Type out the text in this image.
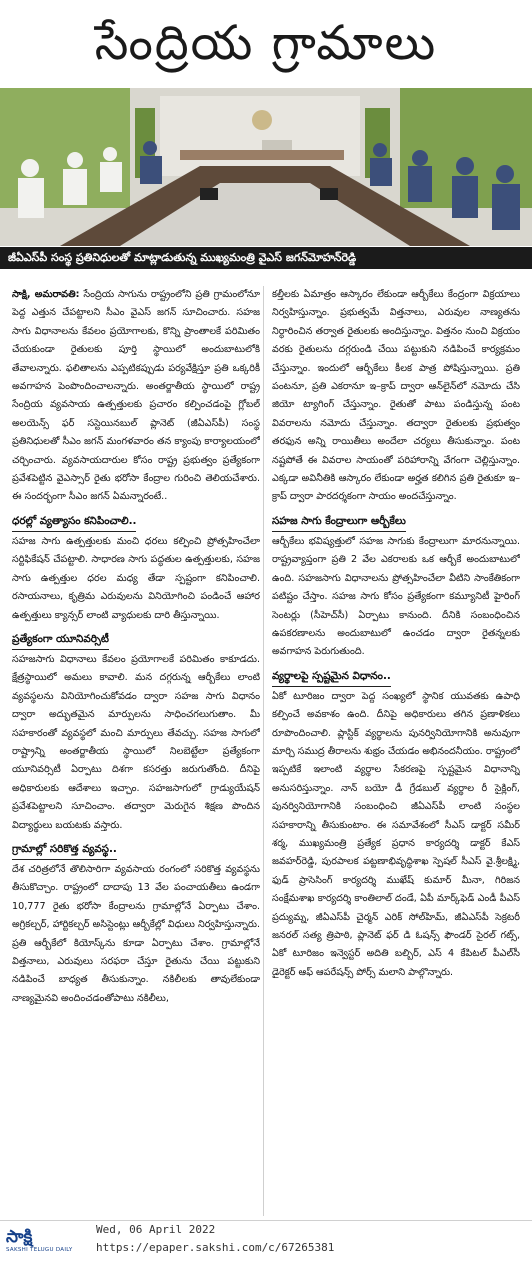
సేంద్రియ గ్రామాలు
జీఏఎస్‌పీ సంస్థ ప్రతినిధులతో మాట్లాడుతున్న ముఖ్యమంత్రి వైఎస్‌ జగన్‌మోహన్‌రెడ్డి

సాక్షి, అమరావతి: సేంద్రియ సాగును రాష్ట్రంలోని ప్రతి గ్రామంలోనూ పెద్ద ఎత్తున చేపట్టాలని సీఎం వైఎస్‌ జగన్‌ సూచించారు. సహజ సాగు విధానాలను కేవలం ప్రయోగాలకు, కొన్ని ప్రాంతాలకే పరిమితం చేయకుండా రైతులకు పూర్తి స్థాయిలో అందుబాటులోకి తేవాలన్నారు. ఫలితాలను ఎప్పటికప్పుడు పర్యవేక్షిస్తూ ప్రతి ఒక్కరికీ అవగాహన పెంపొందించాలన్నారు. అంతర్జాతీయ స్థాయిలో రాష్ట్ర సేంద్రియ వ్యవసాయ ఉత్పత్తులకు ప్రచారం కల్పించడంపై గ్లోబల్‌ అలయెన్స్‌ ఫర్‌ సస్టెయినబుల్‌ ప్లానెట్‌ (జీఏఎస్‌పీ) సంస్థ ప్రతినిధులతో సీఎం జగన్‌ మంగళవారం తన క్యాంపు కార్యాలయంలో చర్చించారు. వ్యవసాయదారుల కోసం రాష్ట్ర ప్రభుత్వం ప్రత్యేకంగా ప్రవేశపెట్టిన వైఎస్సార్‌ రైతు భరోసా కేంద్రాల గురించి తెలియచేశారు. ఈ సందర్భంగా సీఎం జగన్‌ ఏమన్నారంటే..

ధరల్లో వ్యత్యాసం కనిపించాలి..

సహజ సాగు ఉత్పత్తులకు మంచి ధరలు కల్పించి ప్రోత్సహించేలా సర్టిఫికేషన్‌ చేపట్టాలి. సాధారణ సాగు పద్ధతుల ఉత్పత్తులకు, సహజ సాగు ఉత్పత్తుల ధరల మధ్య తేడా స్పష్టంగా కనిపించాలి. రసాయనాలు, కృత్రిమ ఎరువులను వినియోగించి పండించే ఆహార ఉత్పత్తులు క్యాన్సర్‌ లాంటి వ్యాధులకు దారి తీస్తున్నాయి.

ప్రత్యేకంగా యూనివర్సిటీ

సహజసాగు విధానాలు కేవలం ప్రయోగాలకే పరిమితం కాకూడదు. క్షేత్రస్థాయిలో అమలు కావాలి. మన దగ్గరున్న ఆర్బీకేలు లాంటి వ్యవస్థలను వినియోగించుకోవడం ద్వారా సహజ సాగు విధానం ద్వారా అద్భుతమైన మార్పులను సాధించగలుగుతాం. మీ సహకారంతో వ్యవస్థలో మంచి మార్పులు తేవచ్చు. సహజ సాగులో రాష్ట్రాన్ని అంతర్జాతీయ స్థాయిలో నిలబెట్టేలా ప్రత్యేకంగా యూనివర్సిటీ ఏర్పాటు దిశగా కసరత్తు జరుగుతోంది. దీనిపై అధికారులకు ఆదేశాలు ఇచ్చాం. సహజసాగులో గ్రాడ్యుయేషన్‌ ప్రవేశపెట్టాలని సూచించాం. తద్వారా మెరుగైన శిక్షణ పొందిన విద్యార్థులు బయటకు వస్తారు.

గ్రామాల్లో సరికొత్త వ్యవస్థ..

దేశ చరిత్రలోనే తొలిసారిగా వ్యవసాయ రంగంలో సరికొత్త వ్యవస్థను తీసుకొచ్చాం. రాష్ట్రంలో దాదాపు 13 వేల పంచాయతీలు ఉండగా 10,777 రైతు భరోసా కేంద్రాలను గ్రామాల్లోనే ఏర్పాటు చేశాం. అగ్రికల్చర్‌, హార్టికల్చర్‌ అసిస్టెంట్లు ఆర్బీకేల్లో విధులు నిర్వహిస్తున్నారు. ప్రతి ఆర్బీకేలో కియోస్క్‌ను కూడా ఏర్పాటు చేశాం. గ్రామాల్లోనే విత్తనాలు, ఎరువులు సరఫరా చేస్తూ రైతును చేయి పట్టుకుని నడిపించే బాధ్యత తీసుకున్నాం. నకిలీలకు తావులేకుండా నాణ్యమైనవి అందించడంతోపాటు నకిలీలు,

కల్తీలకు ఏమాత్రం ఆస్కారం లేకుండా ఆర్బీకేలు కేంద్రంగా విక్రయాలు నిర్వహిస్తున్నాం. ప్రభుత్వమే విత్తనాలు, ఎరువుల నాణ్యతను నిర్ధారించిన తర్వాత రైతులకు అందిస్తున్నాం. విత్తనం నుంచి విక్రయం వరకు రైతులను దగ్గరుండి చేయి పట్టుకుని నడిపించే కార్యక్రమం చేస్తున్నాం. ఇందులో ఆర్బీకేలు కీలక పాత్ర పోషిస్తున్నాయి. ప్రతి పంటనూ, ప్రతి ఎకరానూ ఇ–క్రాప్‌ ద్వారా ఆన్‌లైన్‌లో నమోదు చేసి జియో ట్యాగింగ్‌ చేస్తున్నాం. రైతుతో పాటు పండిస్తున్న పంట వివరాలను నమోదు చేస్తున్నాం. తద్వారా రైతులకు ప్రభుత్వం తరఫున అన్ని రాయితీలు అందేలా చర్యలు తీసుకున్నాం. పంట నష్టపోతే ఈ వివరాల సాయంతో పరిహారాన్ని వేగంగా చెల్లిస్తున్నాం. ఎక్కడా అవినీతికి ఆస్కారం లేకుండా అర్హత కలిగిన ప్రతి రైతుకూ ఇ–క్రాప్‌ ద్వారా పారదర్శకంగా సాయం అందచేస్తున్నాం.

సహజ సాగు కేంద్రాలుగా ఆర్బీకేలు

ఆర్బీకేలు భవిష్యత్తులో సహజ సాగుకు కేంద్రాలుగా మారనున్నాయి. రాష్ట్రవ్యాప్తంగా ప్రతి 2 వేల ఎకరాలకు ఒక ఆర్బీకే అందుబాటులో ఉంది. సహజసాగు విధానాలను ప్రోత్సహించేలా వీటిని సాంకేతికంగా పటిష్టం చేస్తాం. సహజ సాగు కోసం ప్రత్యేకంగా కమ్యూనిటీ హైరింగ్‌ సెంటర్లు (సీహెచ్‌సీ) ఏర్పాటు కానుంది. దీనికి సంబంధించిన ఉపకరణాలను అందుబాటులో ఉంచడం ద్వారా రైతన్నలకు అవగాహన పెరుగుతుంది.

వ్యర్థాలపై స్పష్టమైన విధానం..

ఏకో టూరిజం ద్వారా పెద్ద సంఖ్యలో స్థానిక యువతకు ఉపాధి కల్పించే అవకాశం ఉంది. దీనిపై అధికారులు తగిన ప్రణాళికలు రూపొందించాలి. ప్లాస్టిక్‌ వ్యర్థాలను పునర్వినియోగానికి అనువుగా మార్చి సముద్ర తీరాలను శుభ్రం చేయడం అభినందనీయం. రాష్ట్రంలో ఇప్పటికే ఇలాంటి వ్యర్థాల సేకరణపై స్పష్టమైన విధానాన్ని అనుసరిస్తున్నాం. నాన్‌ బయో డీ గ్రేడబుల్‌ వ్యర్థాల రీ సైక్లింగ్‌, పునర్వినియోగానికి సంబంధించి జీఏఎస్‌పీ లాంటి సంస్థల సహకారాన్ని తీసుకుంటాం. ఈ సమావేశంలో సీఎస్‌ డాక్టర్‌ సమీర్‌ శర్మ, ముఖ్యమంత్రి ప్రత్యేక ప్రధాన కార్యదర్శి డాక్టర్‌ కేఎస్‌ జవహర్‌రెడ్డి, పురపాలక పట్టణాభివృద్ధిశాఖ స్పెషల్‌ సీఎస్‌ వై.శ్రీలక్ష్మి, ఫుడ్‌ ప్రాసెసింగ్‌ కార్యదర్శి ముఖేష్‌ కుమార్‌ మీనా, గిరిజన సంక్షేమశాఖ కార్యదర్శి కాంతిలాల్‌ దండే, ఏపీ మార్క్‌ఫెడ్‌ ఎండీ పీఎస్‌ ప్రద్యుమ్న, జీఏఎస్‌పీ చైర్మన్‌ ఎరిక్‌ సోల్‌హిమ్‌, జీఏఎస్‌పీ సెక్రటరీ జనరల్‌ సత్య త్రిపాఠి, ప్లానెట్‌ ఫర్‌ డి ఓషన్స్‌ ఫౌండర్‌ సైరల్‌ గట్స్‌, ఏకో టూరిజం ఇన్వెస్టర్‌ అదితి బల్బిర్‌, ఎస్‌ 4 కేపిటల్‌ పీఎల్‌సీ డైరెక్టర్‌ ఆఫ్‌ ఆపరేషన్స్‌ పోర్స్‌ మలాని పాల్గొన్నారు.

సాక్షి
SAKSHI TELUGU DAILY
Wed, 06 April 2022
https://epaper.sakshi.com/c/67265381
